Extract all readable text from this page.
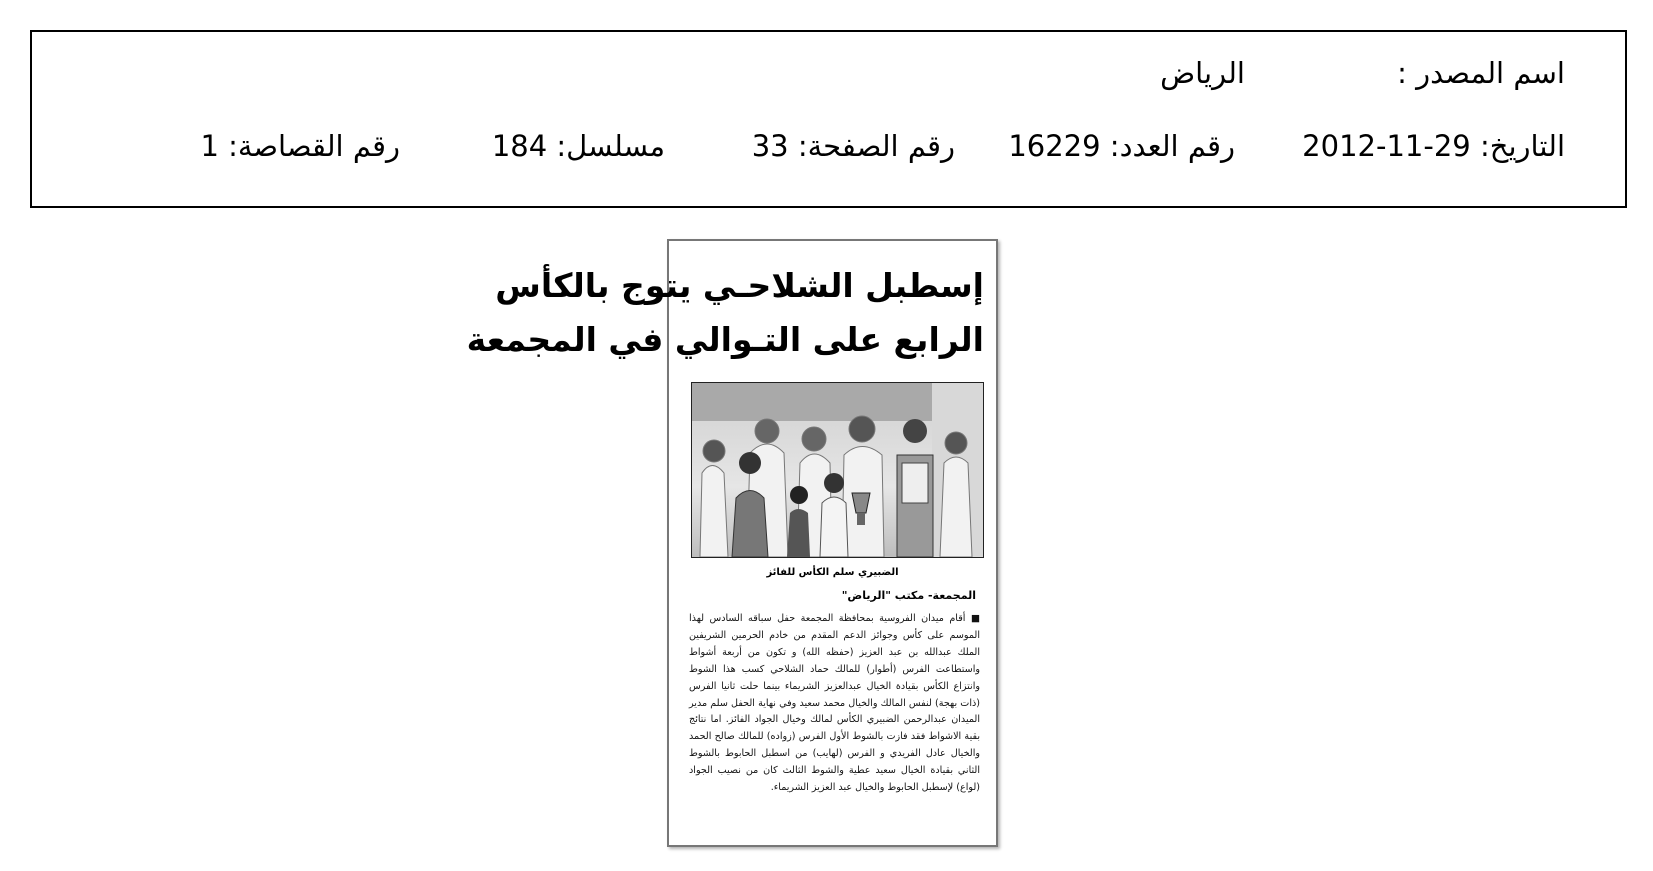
اسم المصدر :
الرياض
التاريخ: 29-11-2012
رقم العدد: 16229
رقم الصفحة: 33
مسلسل: 184
رقم القصاصة: 1
إسطبل الشلاحـي يتوج بالكأس
الرابع على التـوالي في المجمعة
الضبيري سلم الكأس للفائز
المجمعة- مكتب "الرياض"
■ أقام ميدان الفروسية بمحافظة المجمعة حفل سباقه السادس لهذا الموسم على كأس وجوائز الدعم المقدم من خادم الحرمين الشريفين الملك عبدالله بن عبد العزيز (حفظه الله) و تكون من أربعة أشواط واستطاعت الفرس (أطوار) للمالك حماد الشلاحي كسب هذا الشوط وانتزاع الكأس بقيادة الخيال عبدالعزيز الشريماء بينما حلت ثانيا الفرس (ذات بهجة) لنفس المالك والخيال محمد سعيد وفي نهاية الحفل سلم مدير الميدان عبدالرحمن الضبيري الكأس لمالك وخيال الجواد الفائز. اما نتائج بقية الاشواط فقد فازت بالشوط الأول الفرس (زواده) للمالك صالح الحمد والخيال عادل الفريدي و الفرس (لهايب) من اسطبل الحابوط بالشوط الثاني بقيادة الخيال سعيد عطية والشوط الثالث كان من نصيب الجواد (لواع) لإسطبل الحابوط والخيال عبد العزيز الشريماء.
